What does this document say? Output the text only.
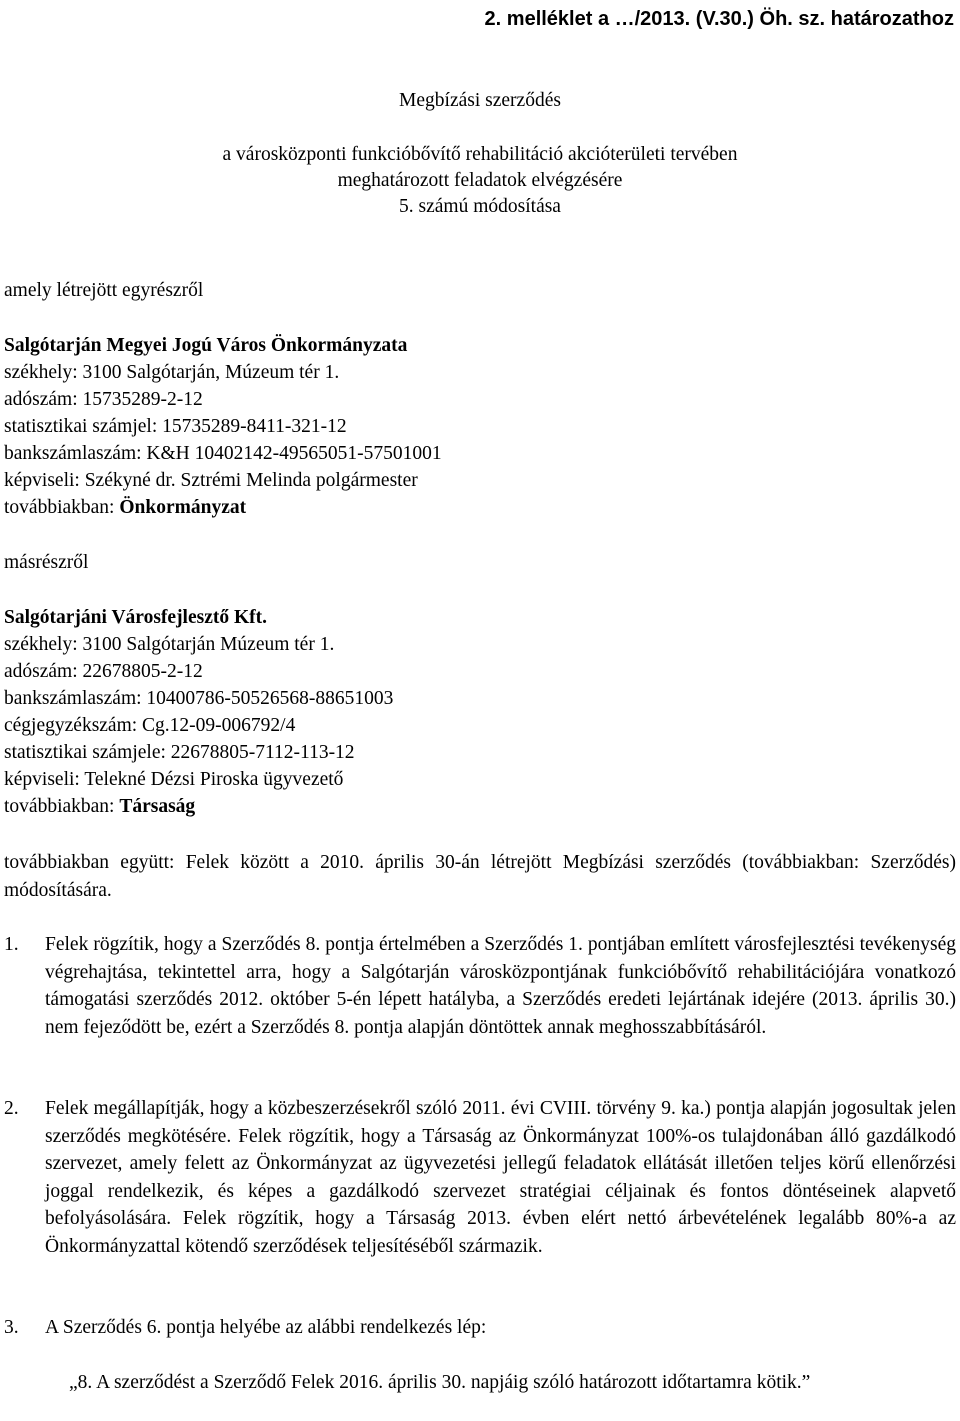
2. melléklet a …/2013. (V.30.) Öh. sz. határozathoz

Megbízási szerződés
a városközponti funkcióbővítő rehabilitáció akcióterületi tervében
meghatározott feladatok elvégzésére
5. számú módosítása

amely létrejött egyrészről

Salgótarján Megyei Jogú Város Önkormányzata

székhely: 3100 Salgótarján, Múzeum tér 1.

adószám: 15735289-2-12

statisztikai számjel: 15735289-8411-321-12

bankszámlaszám: K&H 10402142-49565051-57501001

képviseli: Székyné dr. Sztrémi Melinda polgármester

továbbiakban: Önkormányzat

másrészről

Salgótarjáni Városfejlesztő Kft.

székhely: 3100 Salgótarján Múzeum tér 1.

adószám: 22678805-2-12

bankszámlaszám: 10400786-50526568-88651003

cégjegyzékszám: Cg.12-09-006792/4

statisztikai számjele: 22678805-7112-113-12

képviseli: Telekné Dézsi Piroska ügyvezető

továbbiakban: Társaság

továbbiakban együtt: Felek között a 2010. április 30-án létrejött Megbízási szerződés (továbbiakban: Szerződés) módosítására.

1.	Felek rögzítik, hogy a Szerződés 8. pontja értelmében a Szerződés 1. pontjában említett városfejlesztési tevékenység végrehajtása, tekintettel arra, hogy a Salgótarján városközpontjának funkcióbővítő rehabilitációjára vonatkozó támogatási szerződés 2012. október 5-én lépett hatályba, a Szerződés eredeti lejártának idejére (2013. április 30.) nem fejeződött be, ezért a Szerződés 8. pontja alapján döntöttek annak meghosszabbításáról.
2.	Felek megállapítják, hogy a közbeszerzésekről szóló 2011. évi CVIII. törvény 9. ka.) pontja alapján jogosultak jelen szerződés megkötésére. Felek rögzítik, hogy a Társaság az Önkormányzat 100%-os tulajdonában álló gazdálkodó szervezet, amely felett az Önkormányzat az ügyvezetési jellegű feladatok ellátását illetően teljes körű ellenőrzési joggal rendelkezik, és képes a gazdálkodó szervezet stratégiai céljainak és fontos döntéseinek alapvető befolyásolására. Felek rögzítik, hogy a Társaság 2013. évben elért nettó árbevételének legalább 80%-a az Önkormányzattal kötendő szerződések teljesítéséből származik.
3.	A Szerződés 6. pontja helyébe az alábbi rendelkezés lép:

„8. A szerződést a Szerződő Felek 2016. április 30. napjáig szóló határozott időtartamra kötik.”
